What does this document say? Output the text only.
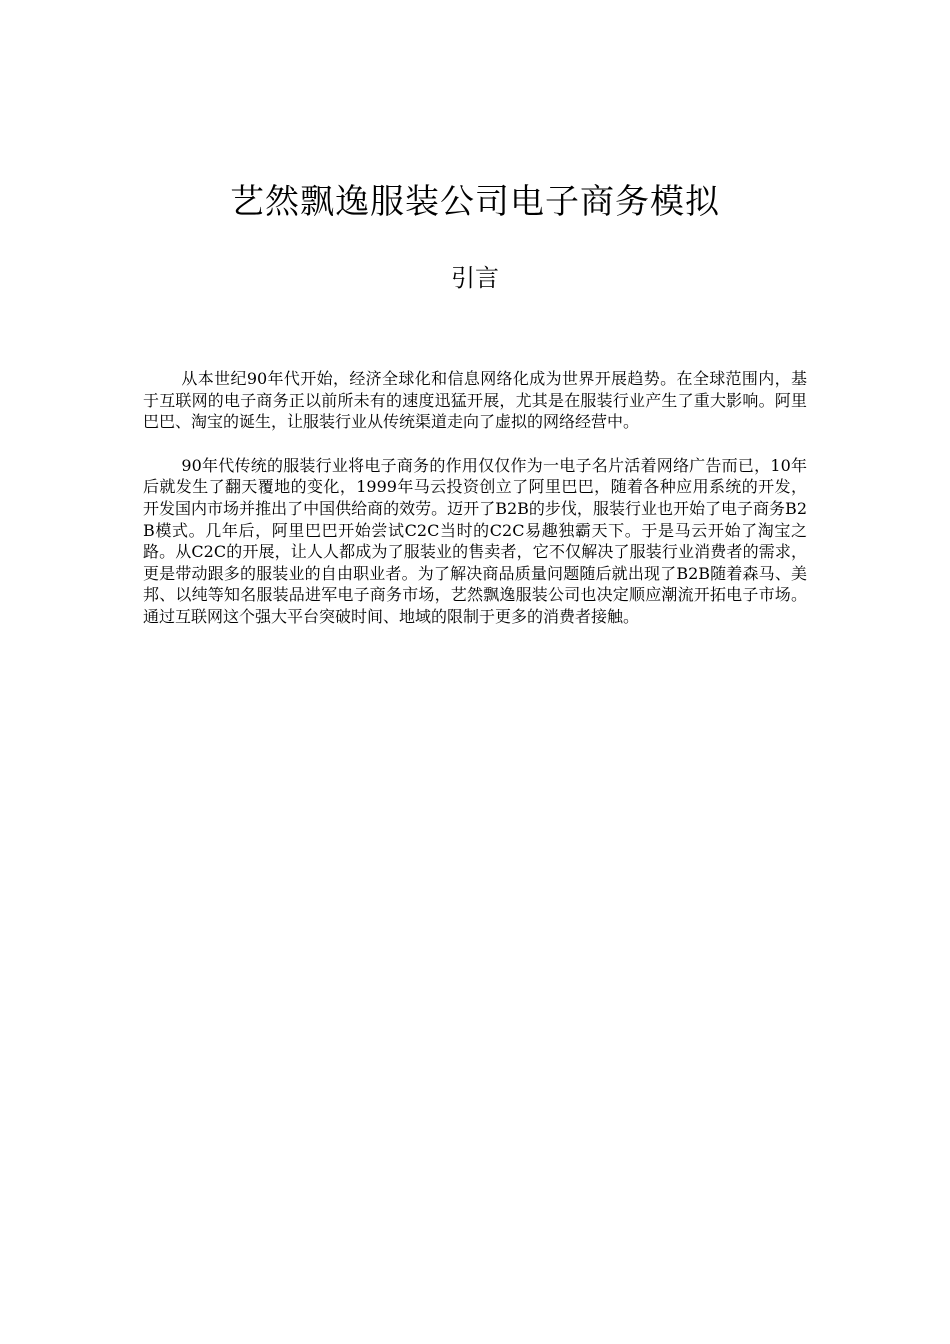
艺然飘逸服装公司电子商务模拟
引言

从本世纪90年代开始，经济全球化和信息网络化成为世界开展趋势。在全球范围内，基于互联网的电子商务正以前所未有的速度迅猛开展，尤其是在服装行业产生了重大影响。阿里巴巴、淘宝的诞生，让服装行业从传统渠道走向了虚拟的网络经营中。

90年代传统的服装行业将电子商务的作用仅仅作为一电子名片活着网络广告而已，10年后就发生了翻天覆地的变化，1999年马云投资创立了阿里巴巴，随着各种应用系统的开发，开发国内市场并推出了中国供给商的效劳。迈开了B2B的步伐，服装行业也开始了电子商务B2B模式。几年后，阿里巴巴开始尝试C2C当时的C2C易趣独霸天下。于是马云开始了淘宝之路。从C2C的开展，让人人都成为了服装业的售卖者，它不仅解决了服装行业消费者的需求，更是带动跟多的服装业的自由职业者。为了解决商品质量问题随后就出现了B2B随着森马、美邦、以纯等知名服装品进军电子商务市场，艺然飘逸服装公司也决定顺应潮流开拓电子市场。通过互联网这个强大平台突破时间、地域的限制于更多的消费者接触。
